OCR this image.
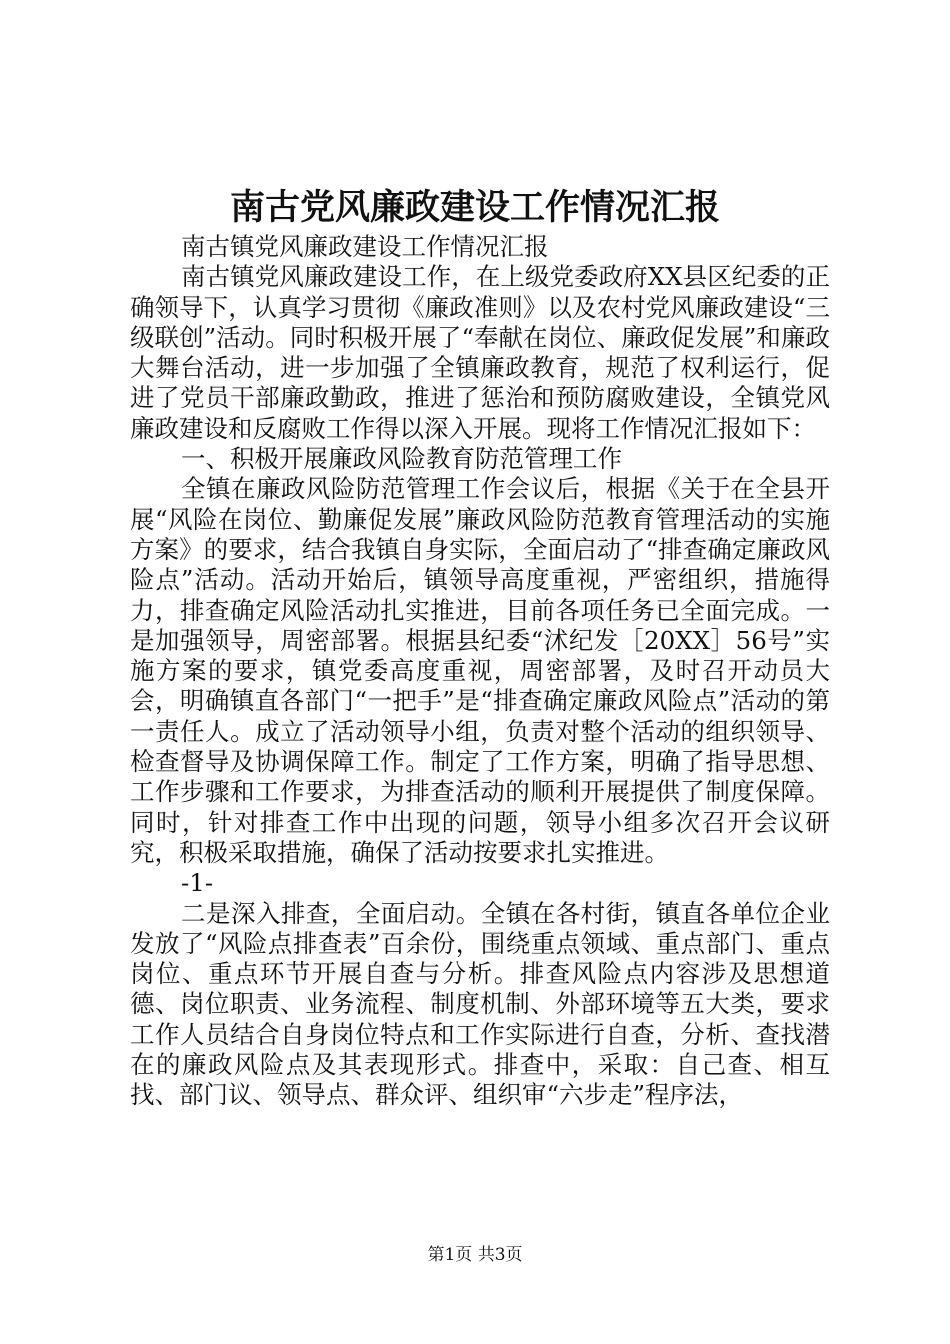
南古党风廉政建设工作情况汇报

南古镇党风廉政建设工作情况汇报

南古镇党风廉政建设工作，在上级党委政府XX县区纪委的正确领导下，认真学习贯彻《廉政准则》以及农村党风廉政建设“三级联创”活动。同时积极开展了“奉献在岗位、廉政促发展”和廉政大舞台活动，进一步加强了全镇廉政教育，规范了权利运行，促进了党员干部廉政勤政，推进了惩治和预防腐败建设，全镇党风廉政建设和反腐败工作得以深入开展。现将工作情况汇报如下：

一、积极开展廉政风险教育防范管理工作

全镇在廉政风险防范管理工作会议后，根据《关于在全县开展“风险在岗位、勤廉促发展”廉政风险防范教育管理活动的实施方案》的要求，结合我镇自身实际，全面启动了“排查确定廉政风险点”活动。活动开始后，镇领导高度重视，严密组织，措施得力，排查确定风险活动扎实推进，目前各项任务已全面完成。一是加强领导，周密部署。根据县纪委“沭纪发［20XX］56号”实施方案的要求，镇党委高度重视，周密部署，及时召开动员大会，明确镇直各部门“一把手”是“排查确定廉政风险点”活动的第一责任人。成立了活动领导小组，负责对整个活动的组织领导、检查督导及协调保障工作。制定了工作方案，明确了指导思想、工作步骤和工作要求，为排查活动的顺利开展提供了制度保障。同时，针对排查工作中出现的问题，领导小组多次召开会议研究，积极采取措施，确保了活动按要求扎实推进。

-1-

二是深入排查，全面启动。全镇在各村街，镇直各单位企业发放了“风险点排查表”百余份，围绕重点领域、重点部门、重点岗位、重点环节开展自查与分析。排查风险点内容涉及思想道德、岗位职责、业务流程、制度机制、外部环境等五大类，要求工作人员结合自身岗位特点和工作实际进行自查，分析、查找潜在的廉政风险点及其表现形式。排查中，采取：自己查、相互找、部门议、领导点、群众评、组织审“六步走”程序法，

第1页 共3页
